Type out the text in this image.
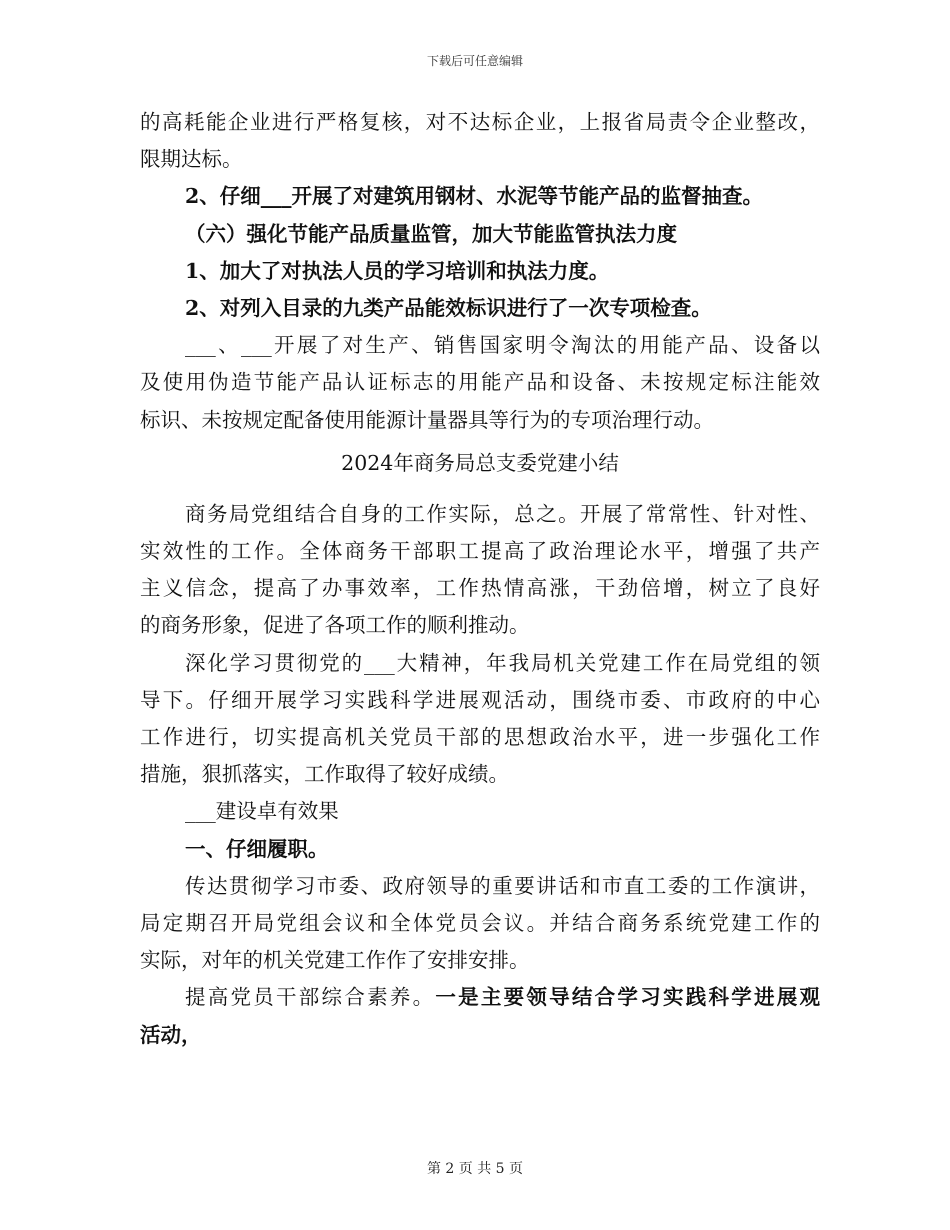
下载后可任意编辑
的高耗能企业进行严格复核，对不达标企业，上报省局责令企业整改，
限期达标。
2、仔细___开展了对建筑用钢材、水泥等节能产品的监督抽查。
（六）强化节能产品质量监管，加大节能监管执法力度
1、加大了对执法人员的学习培训和执法力度。
2、对列入目录的九类产品能效标识进行了一次专项检查。
___、___开展了对生产、销售国家明令淘汰的用能产品、设备以
及使用伪造节能产品认证标志的用能产品和设备、未按规定标注能效
标识、未按规定配备使用能源计量器具等行为的专项治理行动。
2024年商务局总支委党建小结
商务局党组结合自身的工作实际，总之。开展了常常性、针对性、
实效性的工作。全体商务干部职工提高了政治理论水平，增强了共产
主义信念，提高了办事效率，工作热情高涨，干劲倍增，树立了良好
的商务形象，促进了各项工作的顺利推动。
深化学习贯彻党的___大精神，年我局机关党建工作在局党组的领
导下。仔细开展学习实践科学进展观活动，围绕市委、市政府的中心
工作进行，切实提高机关党员干部的思想政治水平，进一步强化工作
措施，狠抓落实，工作取得了较好成绩。
___建设卓有效果
一、仔细履职。
传达贯彻学习市委、政府领导的重要讲话和市直工委的工作演讲，
局定期召开局党组会议和全体党员会议。并结合商务系统党建工作的
实际，对年的机关党建工作作了安排安排。
提高党员干部综合素养。一是主要领导结合学习实践科学进展观
活动，
第 2 页 共 5 页
